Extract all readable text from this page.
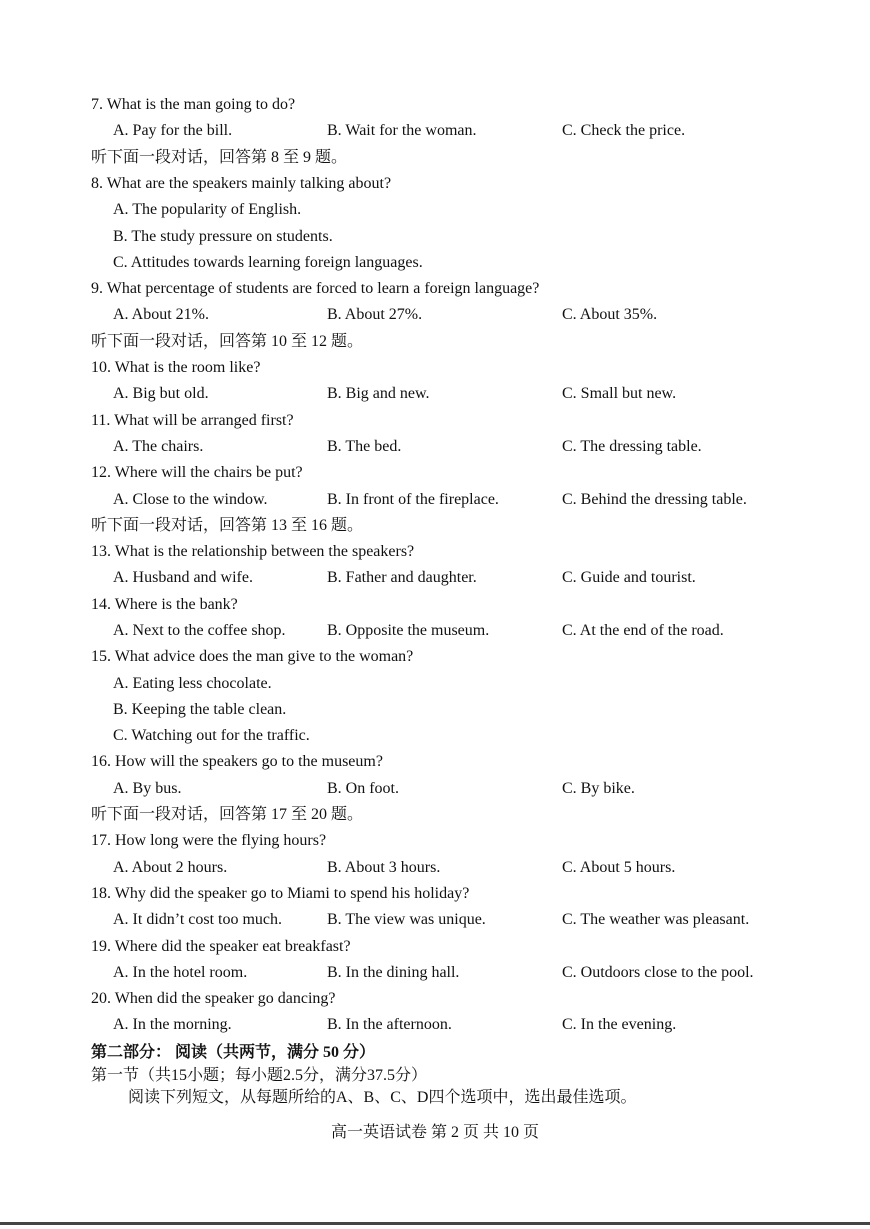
7. What is the man going to do?
A. Pay for the bill.	B. Wait for the woman.	C. Check the price.
听下面一段对话，回答第 8 至 9 题。
8. What are the speakers mainly talking about?
A. The popularity of English.
B. The study pressure on students.
C. Attitudes towards learning foreign languages.
9. What percentage of students are forced to learn a foreign language?
A. About 21%.	B. About 27%.	C. About 35%.
听下面一段对话，回答第 10 至 12 题。
10. What is the room like?
A. Big but old.	B. Big and new.	C. Small but new.
11. What will be arranged first?
A. The chairs.	B. The bed.	C. The dressing table.
12. Where will the chairs be put?
A. Close to the window.	B. In front of the fireplace.	C. Behind the dressing table.
听下面一段对话，回答第 13 至 16 题。
13. What is the relationship between the speakers?
A. Husband and wife.	B. Father and daughter.	C. Guide and tourist.
14. Where is the bank?
A. Next to the coffee shop.	B. Opposite the museum.	C. At the end of the road.
15. What advice does the man give to the woman?
A. Eating less chocolate.
B. Keeping the table clean.
C. Watching out for the traffic.
16. How will the speakers go to the museum?
A. By bus.	B. On foot.	C. By bike.
听下面一段对话，回答第 17 至 20 题。
17. How long were the flying hours?
A. About 2 hours.	B. About 3 hours.	C. About 5 hours.
18. Why did the speaker go to Miami to spend his holiday?
A. It didn’t cost too much.	B. The view was unique.	C. The weather was pleasant.
19. Where did the speaker eat breakfast?
A. In the hotel room.	B. In the dining hall.	C. Outdoors close to the pool.
20. When did the speaker go dancing?
A. In the morning.	B. In the afternoon.	C. In the evening.
第二部分： 阅读（共两节，满分 50 分）
第一节（共15小题；每小题2.5分，满分37.5分）
阅读下列短文，从每题所给的A、B、C、D四个选项中，选出最佳选项。
高一英语试卷 第 2 页 共 10 页
